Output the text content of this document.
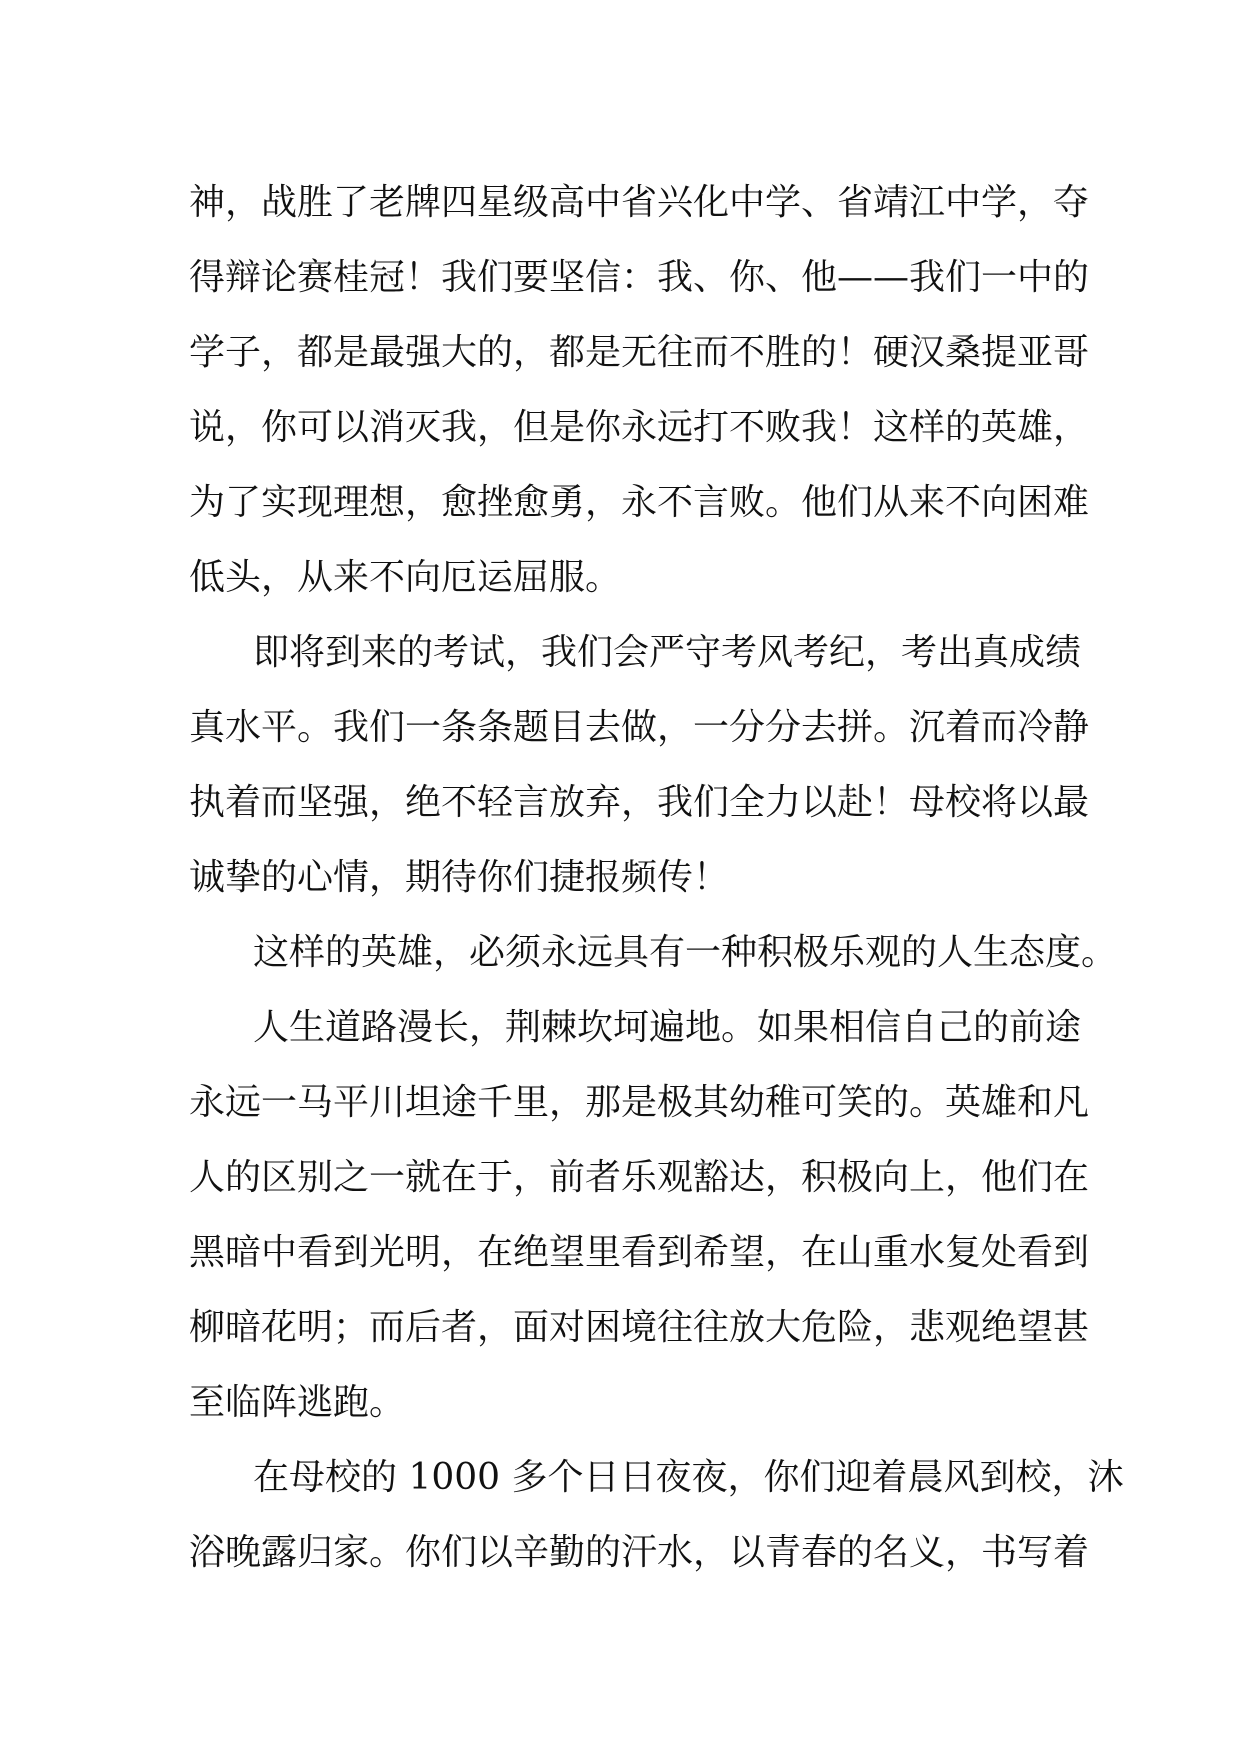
神，战胜了老牌四星级高中省兴化中学、省靖江中学，夺
得辩论赛桂冠！我们要坚信：我、你、他——我们一中的
学子，都是最强大的，都是无往而不胜的！硬汉桑提亚哥
说，你可以消灭我，但是你永远打不败我！这样的英雄，
为了实现理想，愈挫愈勇，永不言败。他们从来不向困难
低头，从来不向厄运屈服。
即将到来的考试，我们会严守考风考纪，考出真成绩
真水平。我们一条条题目去做，一分分去拼。沉着而冷静
执着而坚强，绝不轻言放弃，我们全力以赴！母校将以最
诚挚的心情，期待你们捷报频传！
这样的英雄，必须永远具有一种积极乐观的人生态度。
人生道路漫长，荆棘坎坷遍地。如果相信自己的前途
永远一马平川坦途千里，那是极其幼稚可笑的。英雄和凡
人的区别之一就在于，前者乐观豁达，积极向上，他们在
黑暗中看到光明，在绝望里看到希望，在山重水复处看到
柳暗花明；而后者，面对困境往往放大危险，悲观绝望甚
至临阵逃跑。
在母校的 1000 多个日日夜夜，你们迎着晨风到校，沐
浴晚露归家。你们以辛勤的汗水，以青春的名义，书写着
